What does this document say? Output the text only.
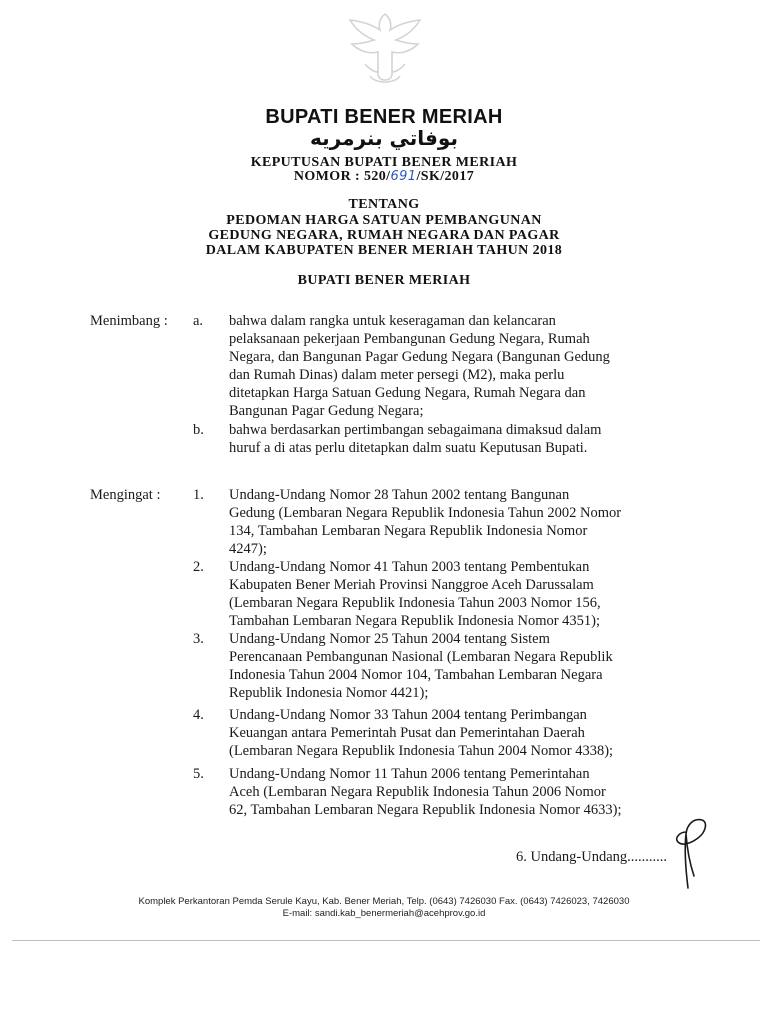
BUPATI BENER MERIAH
بوفاتي بنرمريه
KEPUTUSAN BUPATI BENER MERIAH
NOMOR : 520/691/SK/2017
TENTANG
PEDOMAN HARGA SATUAN PEMBANGUNAN
GEDUNG NEGARA, RUMAH NEGARA DAN PAGAR
DALAM KABUPATEN BENER MERIAH TAHUN 2018
BUPATI BENER MERIAH
Menimbang : a. bahwa dalam rangka untuk keseragaman dan kelancaran
pelaksanaan pekerjaan Pembangunan Gedung Negara, Rumah
Negara, dan Bangunan Pagar Gedung Negara (Bangunan Gedung
dan Rumah Dinas) dalam meter persegi (M2), maka perlu
ditetapkan Harga Satuan Gedung Negara, Rumah Negara dan
Bangunan Pagar Gedung Negara;
b. bahwa berdasarkan pertimbangan sebagaimana dimaksud dalam
huruf a di atas perlu ditetapkan dalm suatu Keputusan Bupati.
Mengingat : 1. Undang-Undang Nomor 28 Tahun 2002 tentang Bangunan
Gedung (Lembaran Negara Republik Indonesia Tahun 2002 Nomor
134, Tambahan Lembaran Negara Republik Indonesia Nomor
4247);
2. Undang-Undang Nomor 41 Tahun 2003 tentang Pembentukan
Kabupaten Bener Meriah Provinsi Nanggroe Aceh Darussalam
(Lembaran Negara Republik Indonesia Tahun 2003 Nomor 156,
Tambahan Lembaran Negara Republik Indonesia Nomor 4351);
3. Undang-Undang Nomor 25 Tahun 2004 tentang Sistem
Perencanaan Pembangunan Nasional (Lembaran Negara Republik
Indonesia Tahun 2004 Nomor 104, Tambahan Lembaran Negara
Republik Indonesia Nomor 4421);
4. Undang-Undang Nomor 33 Tahun 2004 tentang Perimbangan
Keuangan antara Pemerintah Pusat dan Pemerintahan Daerah
(Lembaran Negara Republik Indonesia Tahun 2004 Nomor 4338);
5. Undang-Undang Nomor 11 Tahun 2006 tentang Pemerintahan
Aceh (Lembaran Negara Republik Indonesia Tahun 2006 Nomor
62, Tambahan Lembaran Negara Republik Indonesia Nomor 4633);
6. Undang-Undang...........
Komplek Perkantoran Pemda Serule Kayu, Kab. Bener Meriah, Telp. (0643) 7426030 Fax. (0643) 7426023, 7426030
E-mail: sandi.kab_benermeriah@acehprov.go.id
